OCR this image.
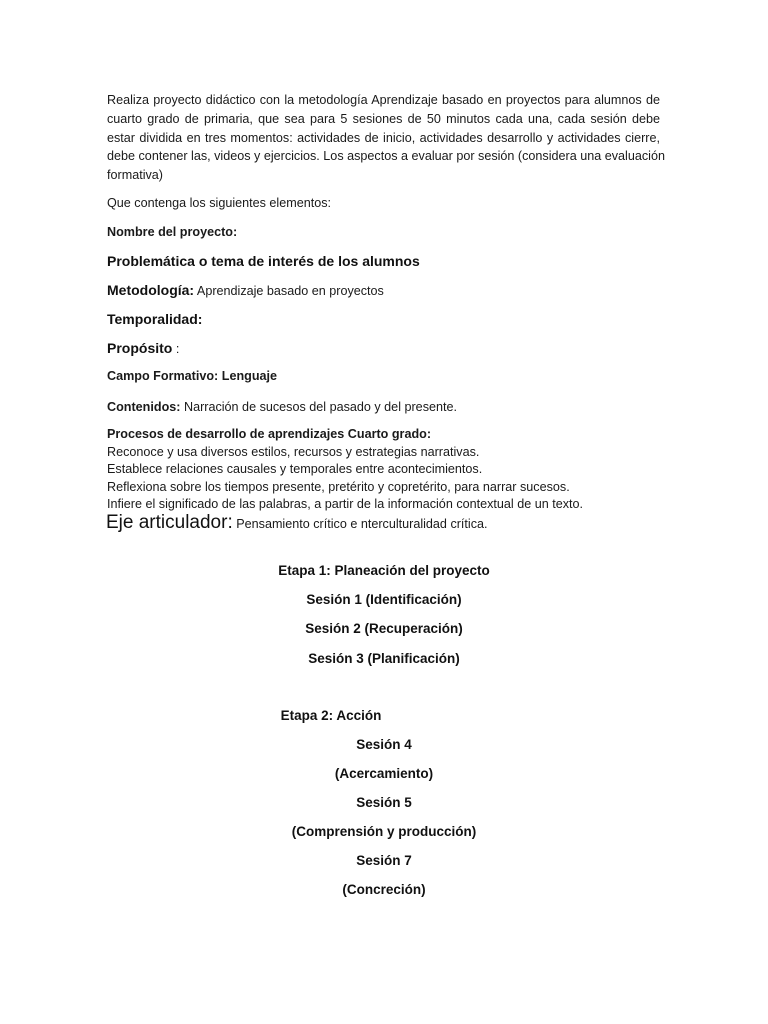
Realiza proyecto didáctico con la metodología Aprendizaje basado en proyectos para alumnos de
cuarto grado de primaria, que sea para 5 sesiones de 50 minutos cada una, cada sesión debe
estar dividida en tres momentos: actividades de inicio, actividades desarrollo y actividades cierre,
debe contener las, videos y ejercicios. Los aspectos a evaluar por sesión (considera una evaluación
formativa)
Que contenga los siguientes elementos:
Nombre del proyecto:
Problemática o tema de interés de los alumnos
Metodología: Aprendizaje basado en proyectos
Temporalidad:
Propósito :
Campo Formativo: Lenguaje
Contenidos: Narración de sucesos del pasado y del presente.
Procesos de desarrollo de aprendizajes Cuarto grado:
Reconoce y usa diversos estilos, recursos y estrategias narrativas.
Establece relaciones causales y temporales entre acontecimientos.
Reflexiona sobre los tiempos presente, pretérito y copretérito, para narrar sucesos.
Infiere el significado de las palabras, a partir de la información contextual de un texto.
Eje articulador: Pensamiento crítico e nterculturalidad crítica.
Etapa 1: Planeación del proyecto
Sesión 1 (Identificación)
Sesión 2 (Recuperación)
Sesión 3 (Planificación)
Etapa 2: Acción
Sesión 4
(Acercamiento)
Sesión 5
(Comprensión y producción)
Sesión 7
(Concreción)
